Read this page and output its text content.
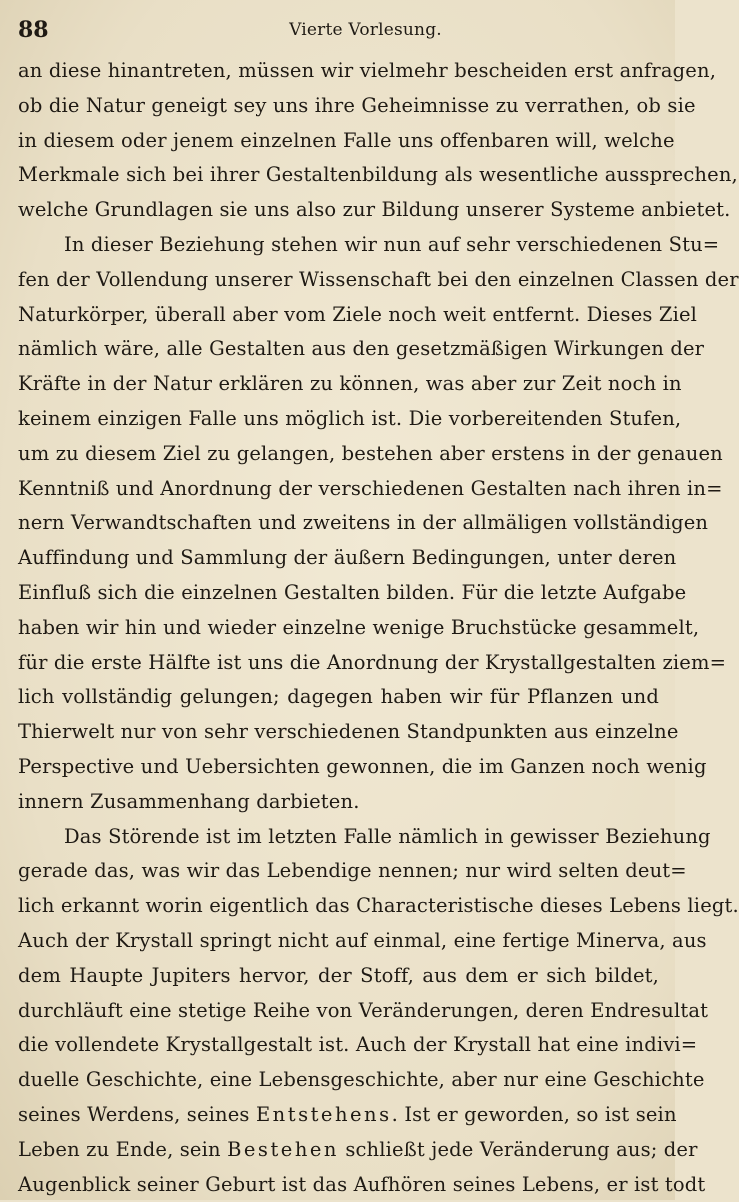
88	Vierte Vorlesung.
an diese hinantreten, müssen wir vielmehr bescheiden erst anfragen,
ob die Natur geneigt sey uns ihre Geheimnisse zu verrathen, ob sie
in diesem oder jenem einzelnen Falle uns offenbaren will, welche
Merkmale sich bei ihrer Gestaltenbildung als wesentliche aussprechen,
welche Grundlagen sie uns also zur Bildung unserer Systeme anbietet.
In dieser Beziehung stehen wir nun auf sehr verschiedenen Stu=
fen der Vollendung unserer Wissenschaft bei den einzelnen Classen der
Naturkörper, überall aber vom Ziele noch weit entfernt. Dieses Ziel
nämlich wäre, alle Gestalten aus den gesetzmäßigen Wirkungen der
Kräfte in der Natur erklären zu können, was aber zur Zeit noch in
keinem einzigen Falle uns möglich ist. Die vorbereitenden Stufen,
um zu diesem Ziel zu gelangen, bestehen aber erstens in der genauen
Kenntniß und Anordnung der verschiedenen Gestalten nach ihren in=
nern Verwandtschaften und zweitens in der allmäligen vollständigen
Auffindung und Sammlung der äußern Bedingungen, unter deren
Einfluß sich die einzelnen Gestalten bilden. Für die letzte Aufgabe
haben wir hin und wieder einzelne wenige Bruchstücke gesammelt,
für die erste Hälfte ist uns die Anordnung der Krystallgestalten ziem=
lich vollständig gelungen; dagegen haben wir für Pflanzen und
Thierwelt nur von sehr verschiedenen Standpunkten aus einzelne
Perspective und Uebersichten gewonnen, die im Ganzen noch wenig
innern Zusammenhang darbieten.
Das Störende ist im letzten Falle nämlich in gewisser Beziehung
gerade das, was wir das Lebendige nennen; nur wird selten deut=
lich erkannt worin eigentlich das Characteristische dieses Lebens liegt.
Auch der Krystall springt nicht auf einmal, eine fertige Minerva, aus
dem Haupte Jupiters hervor, der Stoff, aus dem er sich bildet,
durchläuft eine stetige Reihe von Veränderungen, deren Endresultat
die vollendete Krystallgestalt ist. Auch der Krystall hat eine indivi=
duelle Geschichte, eine Lebensgeschichte, aber nur eine Geschichte
seines Werdens, seines Entstehens. Ist er geworden, so ist sein
Leben zu Ende, sein Bestehen schließt jede Veränderung aus; der
Augenblick seiner Geburt ist das Aufhören seines Lebens, er ist todt
